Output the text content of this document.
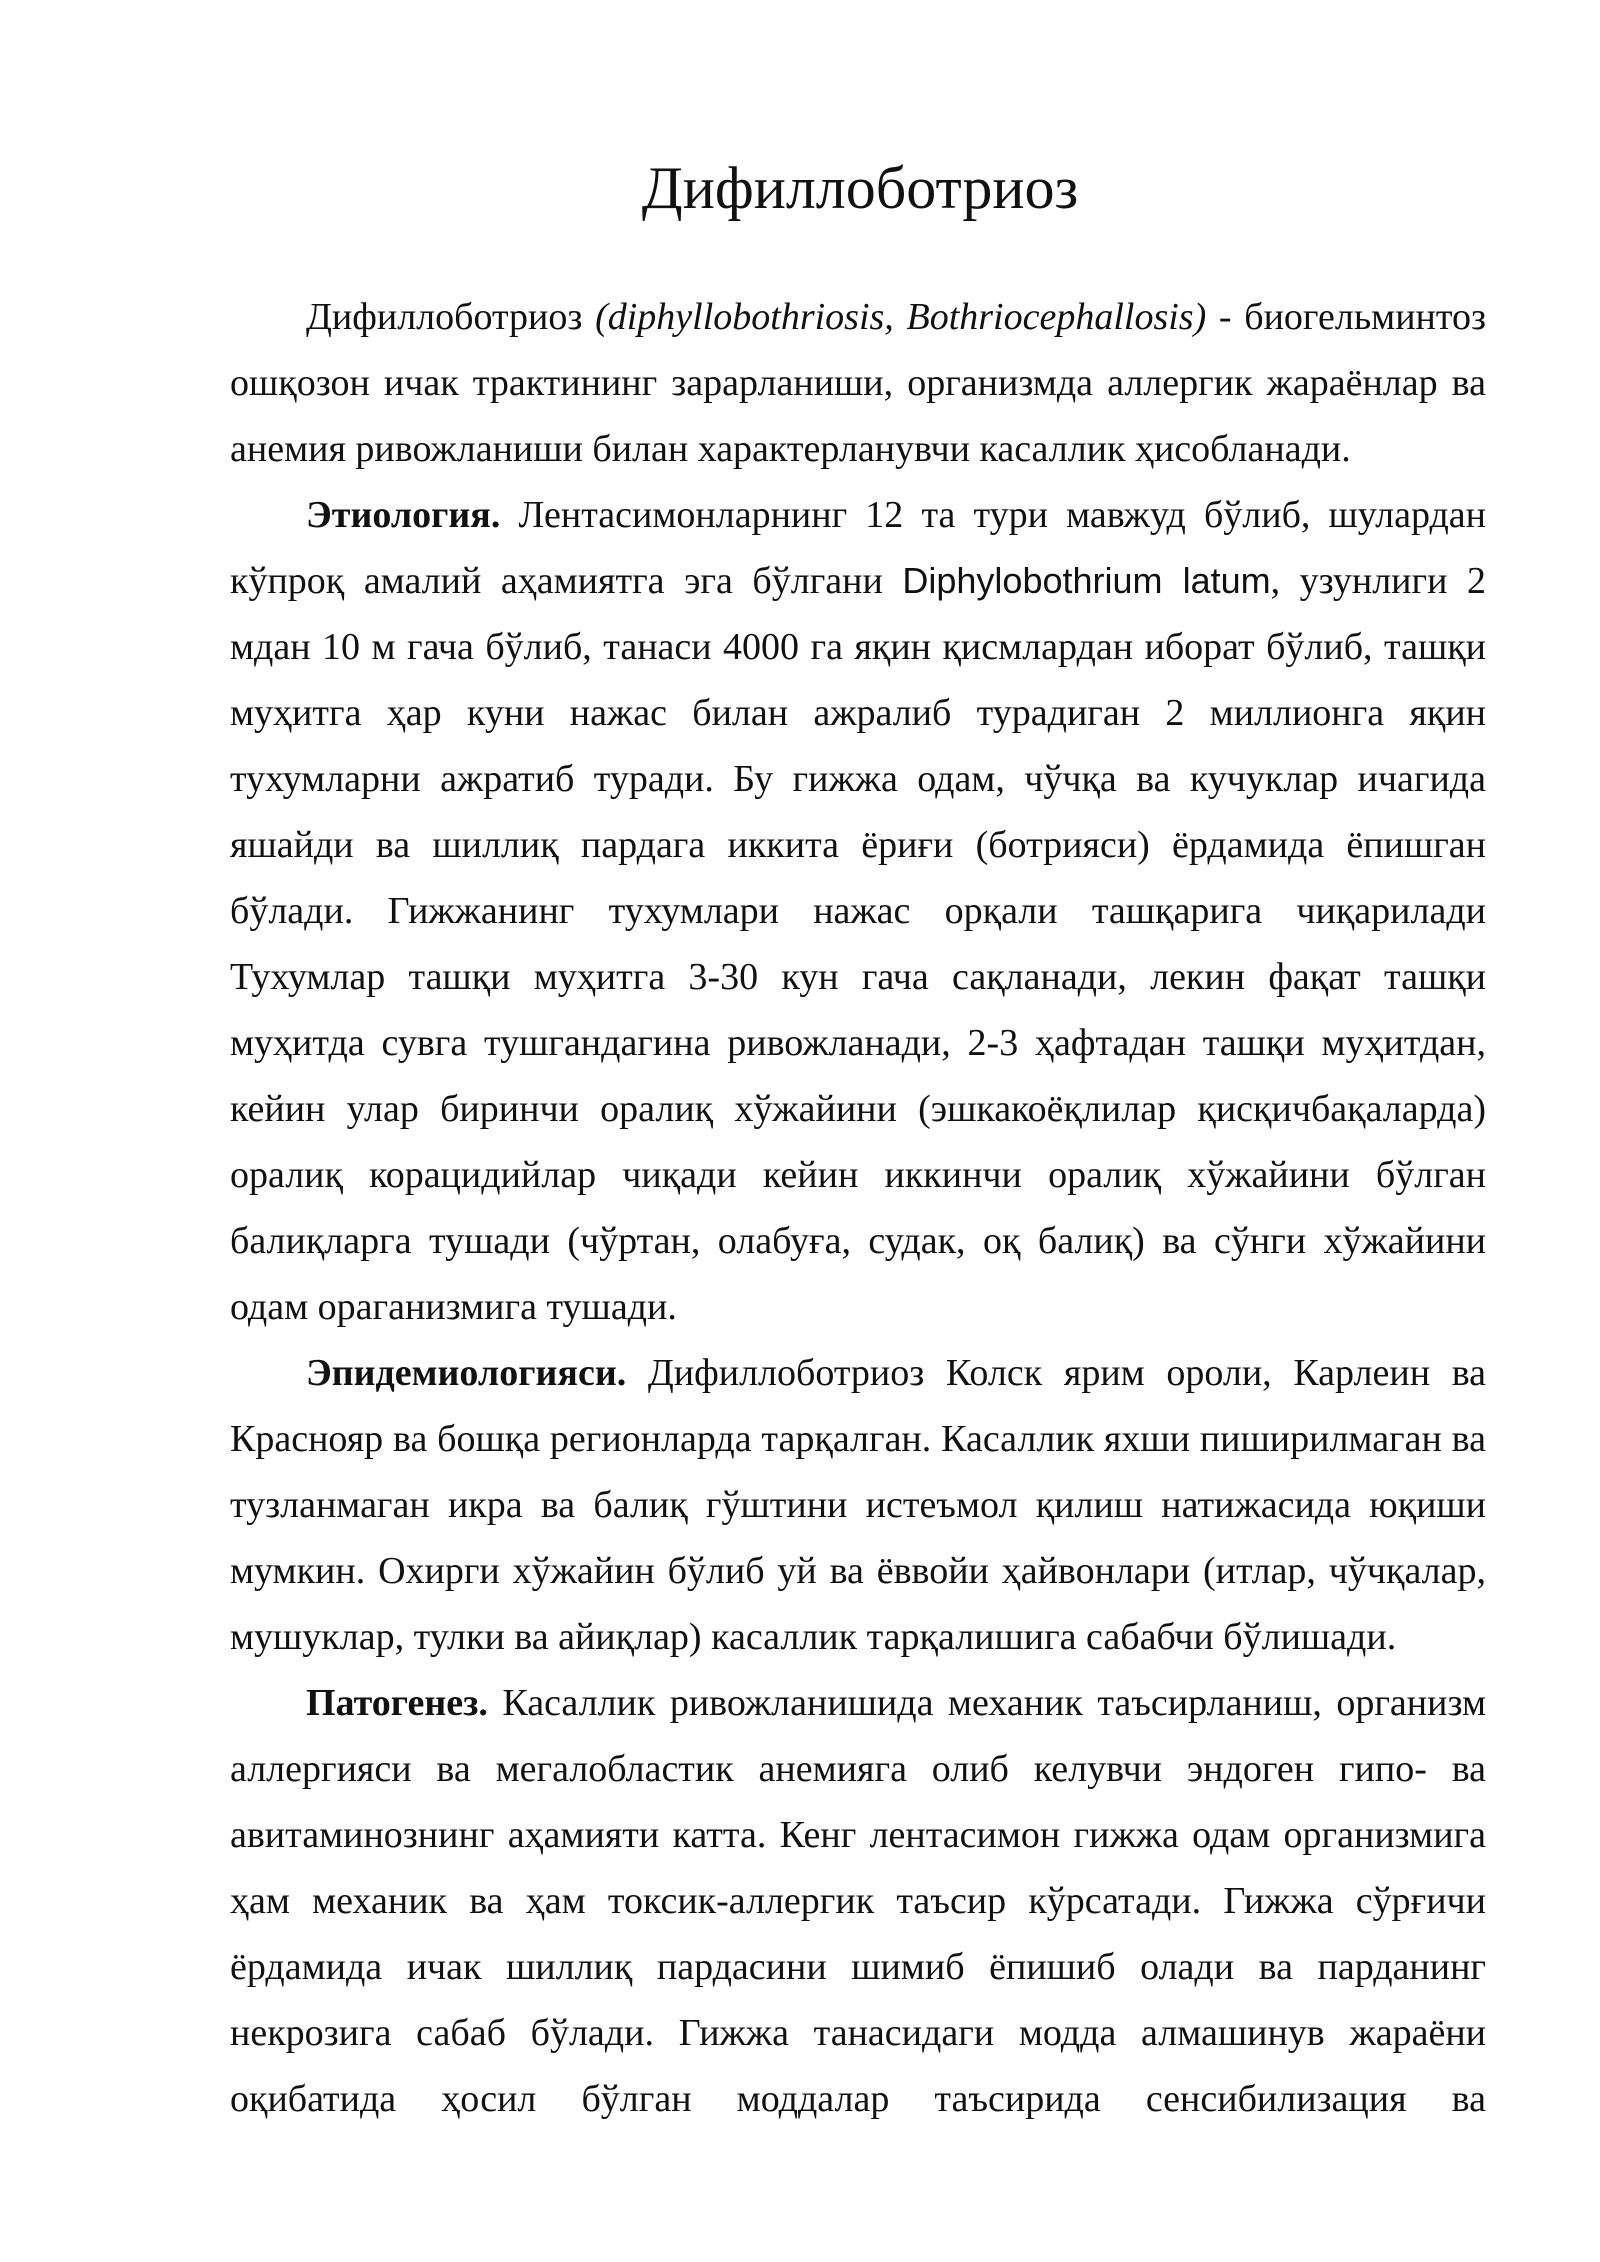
Дифиллоботриоз

Дифиллоботриоз (diphyllobothriosis, Bothriocephallosis) - биогельминтоз ошқозон ичак трактининг зарарланиши, организмда аллергик жараёнлар ва анемия ривожланиши билан характерланувчи касаллик ҳисобланади.

Этиология. Лентасимонларнинг 12 та тури мавжуд бўлиб, шулардан кўпроқ амалий аҳамиятга эга бўлгани Diphylobothrium latum, узунлиги 2 мдан 10 м гача бўлиб, танаси 4000 га яқин қисмлардан иборат бўлиб, ташқи муҳитга ҳар куни нажас билан ажралиб турадиган 2 миллионга яқин тухумларни ажратиб туради. Бу гижжа одам, чўчқа ва кучуклар ичагида яшайди ва шиллиқ пардага иккита ёриғи (ботрияси) ёрдамида ёпишган бўлади. Гижжанинг тухумлари нажас орқали ташқарига чиқарилади Тухумлар ташқи муҳитга 3-30 кун гача сақланади, лекин фақат ташқи муҳитда сувга тушгандагина ривожланади, 2-3 ҳафтадан ташқи муҳитдан, кейин улар биринчи оралиқ хўжайини (эшкакоёқлилар қисқичбақаларда) оралиқ корацидийлар чиқади кейин иккинчи оралиқ хўжайини бўлган балиқларга тушади (чўртан, олабуға, судак, оқ балиқ) ва сўнги хўжайини одам ораганизмига тушади.

Эпидемиологияси. Дифиллоботриоз Колск ярим ороли, Карлеин ва Краснояр ва бошқа регионларда тарқалган. Касаллик яхши пиширилмаган ва тузланмаган икра ва балиқ гўштини истеъмол қилиш натижасида юқиши мумкин. Охирги хўжайин бўлиб уй ва ёввойи ҳайвонлари (итлар, чўчқалар, мушуклар, тулки ва айиқлар) касаллик тарқалишига сабабчи бўлишади.

Патогенез. Касаллик ривожланишида механик таъсирланиш, организм аллергияси ва мегалобластик анемияга олиб келувчи эндоген гипо- ва авитаминознинг аҳамияти катта. Кенг лентасимон гижжа одам организмига ҳам механик ва ҳам токсик-аллергик таъсир кўрсатади. Гижжа сўрғичи ёрдамида ичак шиллиқ пардасини шимиб ёпишиб олади ва парданинг некрозига сабаб бўлади. Гижжа танасидаги модда алмашинув жараёни оқибатида ҳосил бўлган моддалар таъсирида сенсибилизация ва
